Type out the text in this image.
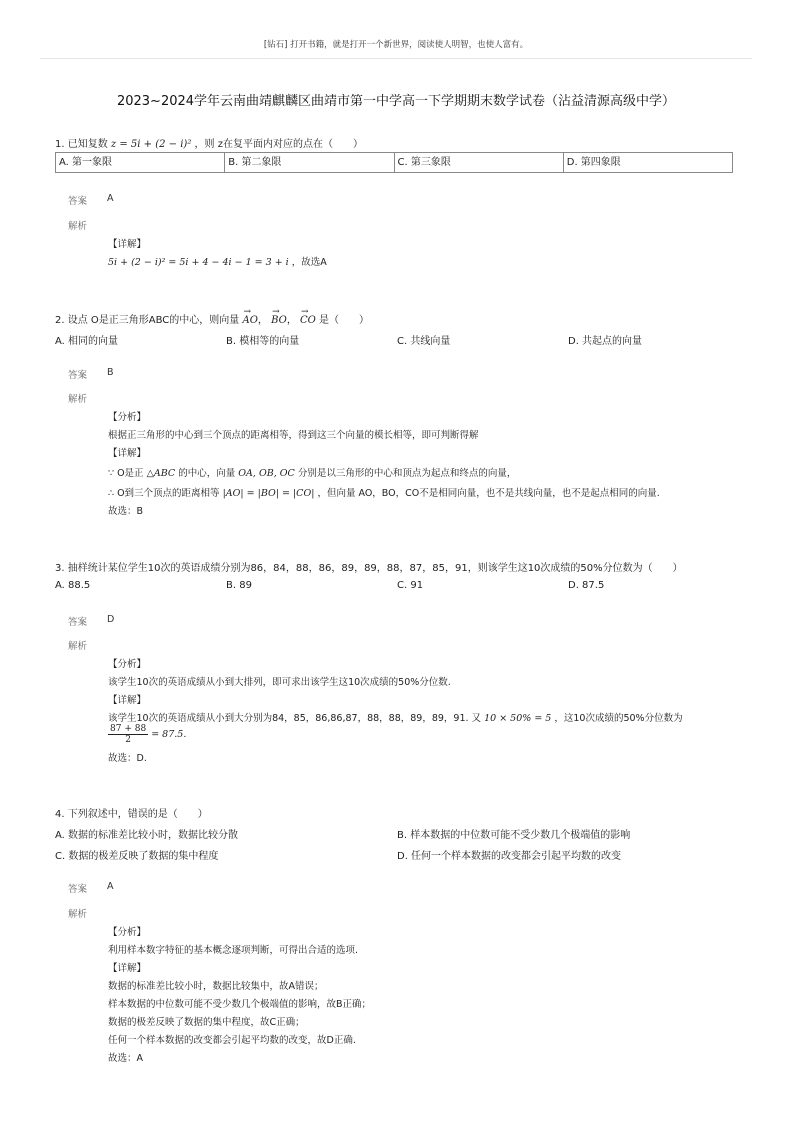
[钻石] 打开书籍，就是打开一个新世界，阅读使人明智，也使人富有。
2023~2024学年云南曲靖麒麟区曲靖市第一中学高一下学期期末数学试卷（沾益清源高级中学）
1. 已知复数 z = 5i + (2 − i)² ，则 z在复平面内对应的点在（　　）
A. 第一象限	B. 第二象限	C. 第三象限	D. 第四象限
答案 A
解析
【详解】
5i + (2 − i)² = 5i + 4 − 4i − 1 = 3 + i ，故选A
2. 设点 O是正三角形ABC的中心，则向量 → AO， → BO， → CO 是（　　）
A. 相同的向量	B. 模相等的向量	C. 共线向量	D. 共起点的向量
答案 B
解析
【分析】
根据正三角形的中心到三个顶点的距离相等，得到这三个向量的模长相等，即可判断得解
【详解】
∵ O是正 △ABC 的中心，向量 OA, OB, OC 分别是以三角形的中心和顶点为起点和终点的向量，
∴ O到三个顶点的距离相等 |AO| = |BO| = |CO| ，但向量 AO，BO，CO不是相同向量，也不是共线向量，也不是起点相同的向量.
故选：B
3. 抽样统计某位学生10次的英语成绩分别为86，84，88，86，89，89，88，87，85，91，则该学生这10次成绩的50%分位数为（　　）
A. 88.5	B. 89	C. 91	D. 87.5
答案 D
解析
【分析】
该学生10次的英语成绩从小到大排列，即可求出该学生这10次成绩的50%分位数.
【详解】
该学生10次的英语成绩从小到大分别为84，85，86,86,87，88，88，89，89，91. 又 10 × 50% = 5 ，这10次成绩的50%分位数为
$\frac{87 + 88}{2} = 87.5$.
故选：D.
4. 下列叙述中，错误的是（　　）
A. 数据的标准差比较小时，数据比较分散	B. 样本数据的中位数可能不受少数几个极端值的影响
C. 数据的极差反映了数据的集中程度	D. 任何一个样本数据的改变都会引起平均数的改变
答案 A
解析
【分析】
利用样本数字特征的基本概念逐项判断，可得出合适的选项.
【详解】
数据的标准差比较小时，数据比较集中，故A错误；
样本数据的中位数可能不受少数几个极端值的影响，故B正确；
数据的极差反映了数据的集中程度，故C正确；
任何一个样本数据的改变都会引起平均数的改变，故D正确.
故选：A
